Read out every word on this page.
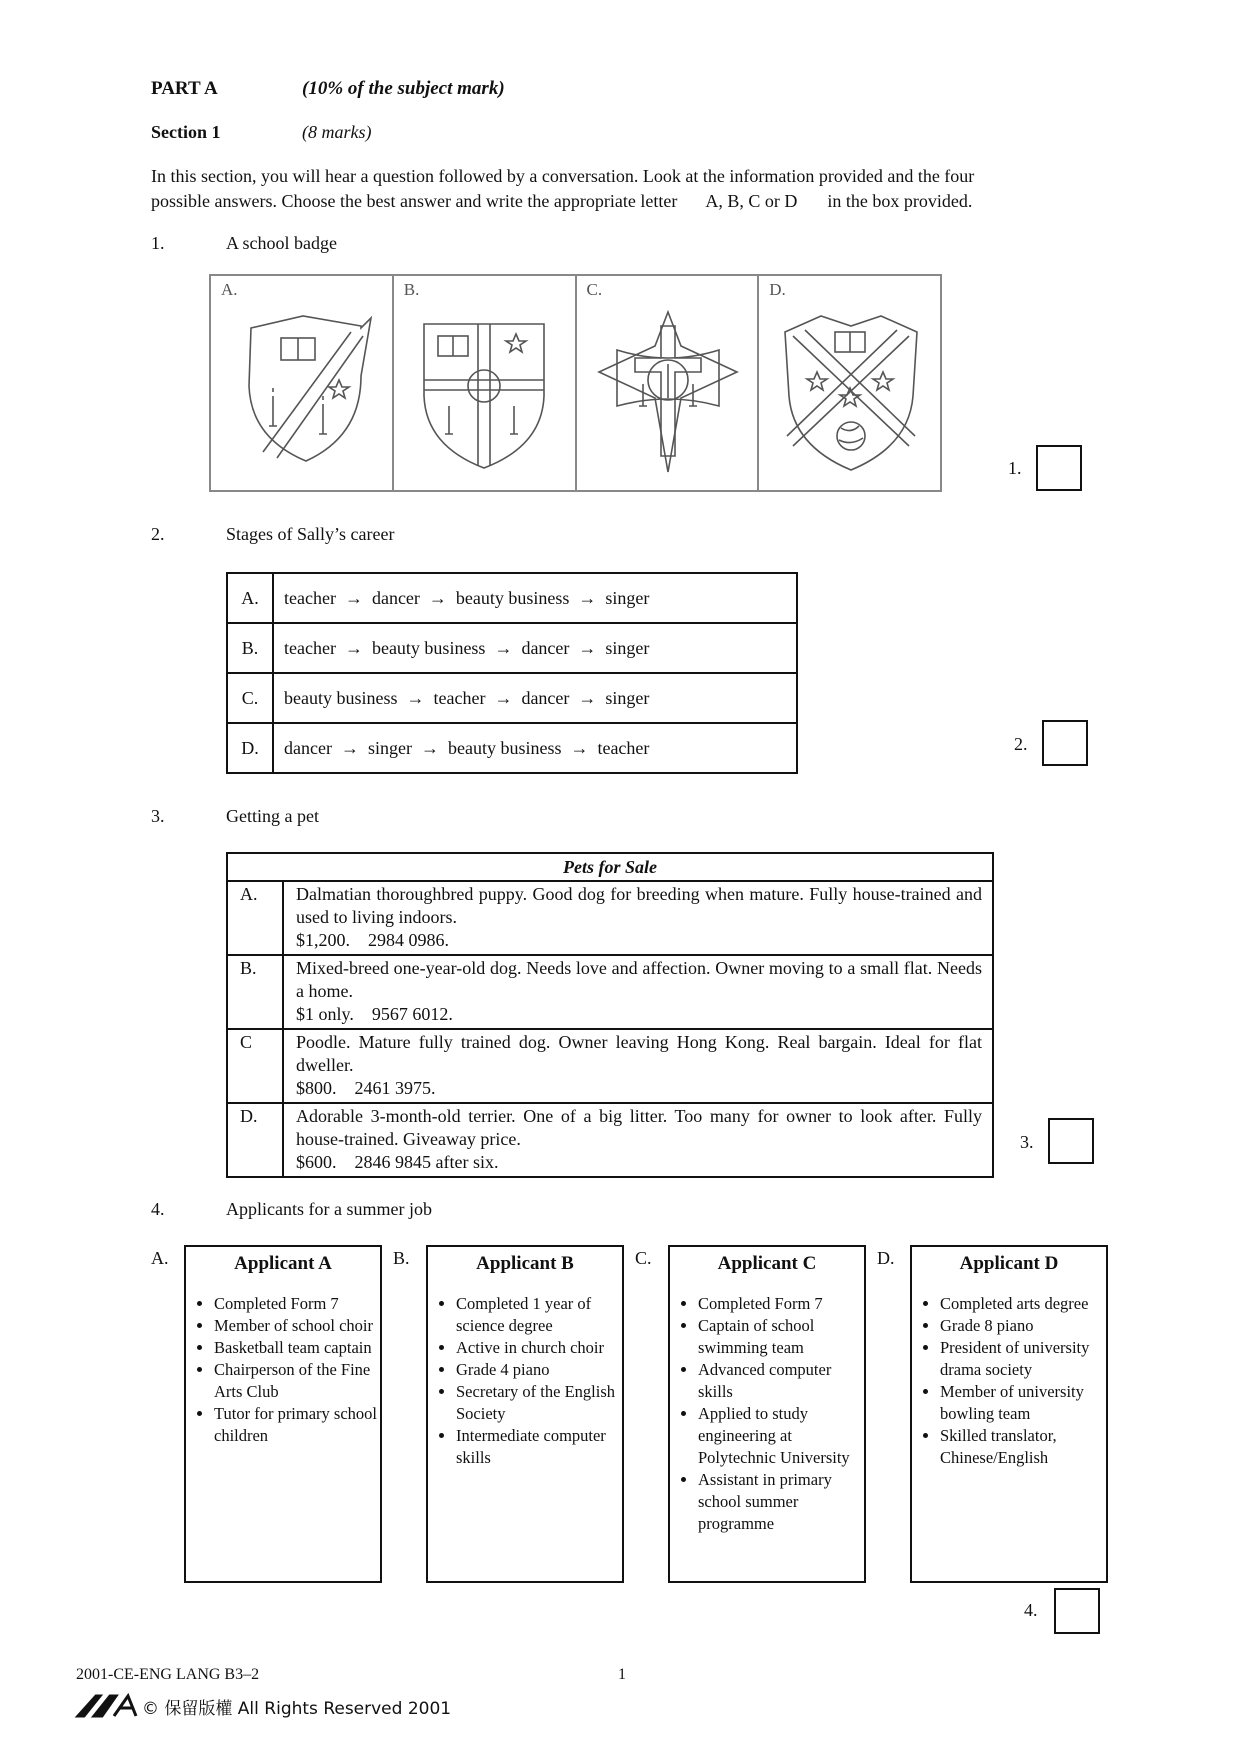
PART A	(10% of the subject mark)
Section 1	(8 marks)
In this section, you will hear a question followed by a conversation. Look at the information provided and the four
possible answers. Choose the best answer and write the appropriate letter A, B, C or D in the box provided.
1.	A school badge
A.	B.	C.	D.
1.
2.	Stages of Sally’s career
A.	teacher → dancer → beauty business → singer
B.	teacher → beauty business → dancer → singer
C.	beauty business → teacher → dancer → singer
D.	dancer → singer → beauty business → teacher	2.
3.	Getting a pet
Pets for Sale	
A.	Dalmatian thoroughbred puppy. Good dog for breeding when mature. Fully house-trained and used to living indoors.
$1,200. 2984 0986.

B.	Mixed-breed one-year-old dog. Needs love and affection. Owner moving to a small flat. Needs a home.
$1 only. 9567 6012.

C	Poodle. Mature fully trained dog. Owner leaving Hong Kong. Real bargain. Ideal for flat dweller.
$800. 2461 3975.

D.	Adorable 3-month-old terrier. One of a big litter. Too many for owner to look after. Fully house-trained. Giveaway price.
$600. 2846 9845 after six.
3.
4.	Applicants for a summer job
A.	Applicant A
• Completed Form 7
• Member of school choir
• Basketball team captain
• Chairperson of the Fine Arts Club
• Tutor for primary school children
B.	Applicant B
• Completed 1 year of science degree
• Active in church choir
• Grade 4 piano
• Secretary of the English Society
• Intermediate computer skills
C.	Applicant C
• Completed Form 7
• Captain of school swimming team
• Advanced computer skills
• Applied to study engineering at Polytechnic University
• Assistant in primary school summer programme
D.	Applicant D
• Completed arts degree
• Grade 8 piano
• President of university drama society
• Member of university bowling team
• Skilled translator, Chinese/English
4.
2001-CE-ENG LANG B3–2	1
© 保留版權 All Rights Reserved 2001
